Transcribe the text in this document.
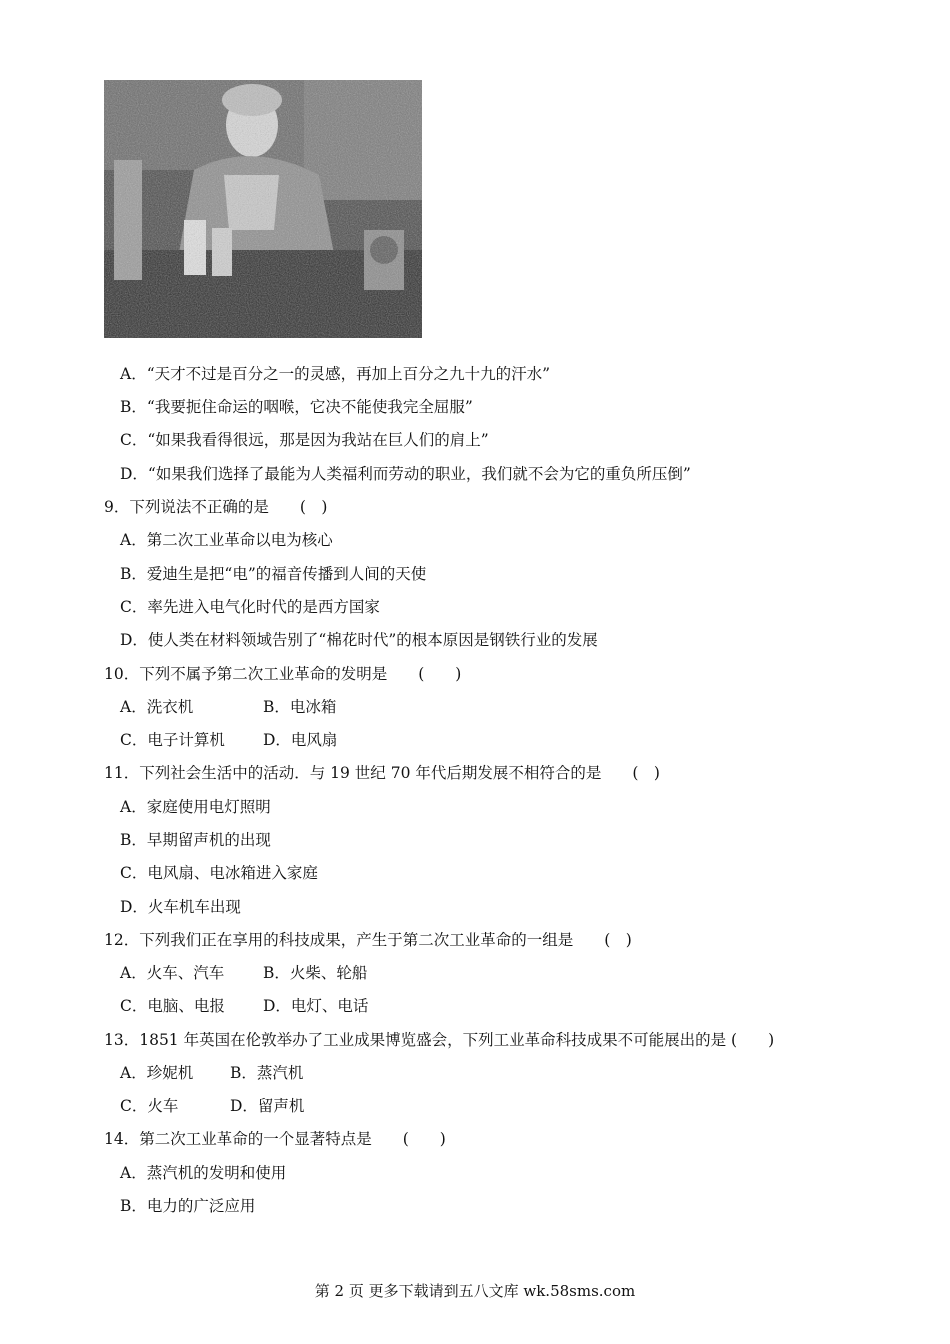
A．“天才不过是百分之一的灵感，再加上百分之九十九的汗水”
B．“我要扼住命运的咽喉，它决不能使我完全屈服”
C．“如果我看得很远，那是因为我站在巨人们的肩上”
D．“如果我们选择了最能为人类福利而劳动的职业，我们就不会为它的重负所压倒”
9．下列说法不正确的是　　(　)
A．第二次工业革命以电为核心
B．爱迪生是把“电”的福音传播到人间的天使
C．率先进入电气化时代的是西方国家
D．使人类在材料领域告别了“棉花时代”的根本原因是钢铁行业的发展
10．下列不属予第二次工业革命的发明是　　(　　)
A．洗衣机	B．电冰箱
C．电子计算机 D．电风扇
11．下列社会生活中的活动．与 19 世纪 70 年代后期发展不相符合的是　　(　)
A．家庭使用电灯照明
B．早期留声机的出现
C．电风扇、电冰箱进入家庭
D．火车机车出现
12．下列我们正在享用的科技成果，产生于第二次工业革命的一组是　　(　)
A．火车、汽车	B．火柴、轮船
C．电脑、电报 D．电灯、电话
13．1851 年英国在伦敦举办了工业成果博览盛会，下列工业革命科技成果不可能展出的是 (　　)
A．珍妮机 B．蒸汽机
C．火车	D．留声机
14．第二次工业革命的一个显著特点是　　(　　)
A．蒸汽机的发明和使用
B．电力的广泛应用
第 2 页 更多下载请到五八文库 wk.58sms.com
